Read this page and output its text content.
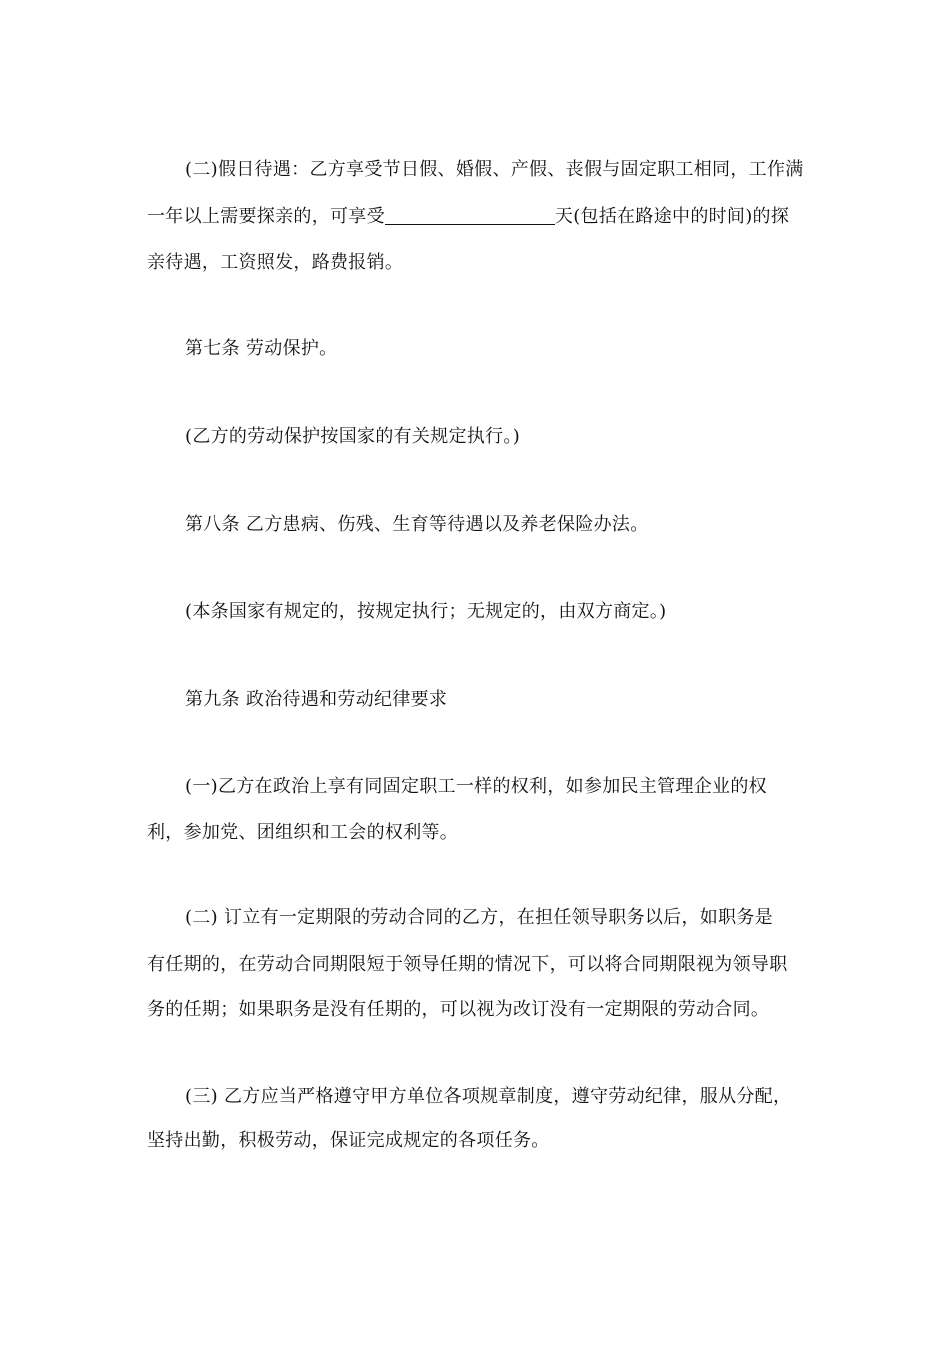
(二)假日待遇：乙方享受节日假、婚假、产假、丧假与固定职工相同，工作满
一年以上需要探亲的，可享受	天(包括在路途中的时间)的探
亲待遇，工资照发，路费报销。
第七条 劳动保护。
(乙方的劳动保护按国家的有关规定执行。)
第八条 乙方患病、伤残、生育等待遇以及养老保险办法。
(本条国家有规定的，按规定执行；无规定的，由双方商定。)
第九条 政治待遇和劳动纪律要求
(一)乙方在政治上享有同固定职工一样的权利，如参加民主管理企业的权
利，参加党、团组织和工会的权利等。
(二) 订立有一定期限的劳动合同的乙方，在担任领导职务以后，如职务是
有任期的，在劳动合同期限短于领导任期的情况下，可以将合同期限视为领导职
务的任期；如果职务是没有任期的，可以视为改订没有一定期限的劳动合同。
(三) 乙方应当严格遵守甲方单位各项规章制度，遵守劳动纪律，服从分配，
坚持出勤，积极劳动，保证完成规定的各项任务。
